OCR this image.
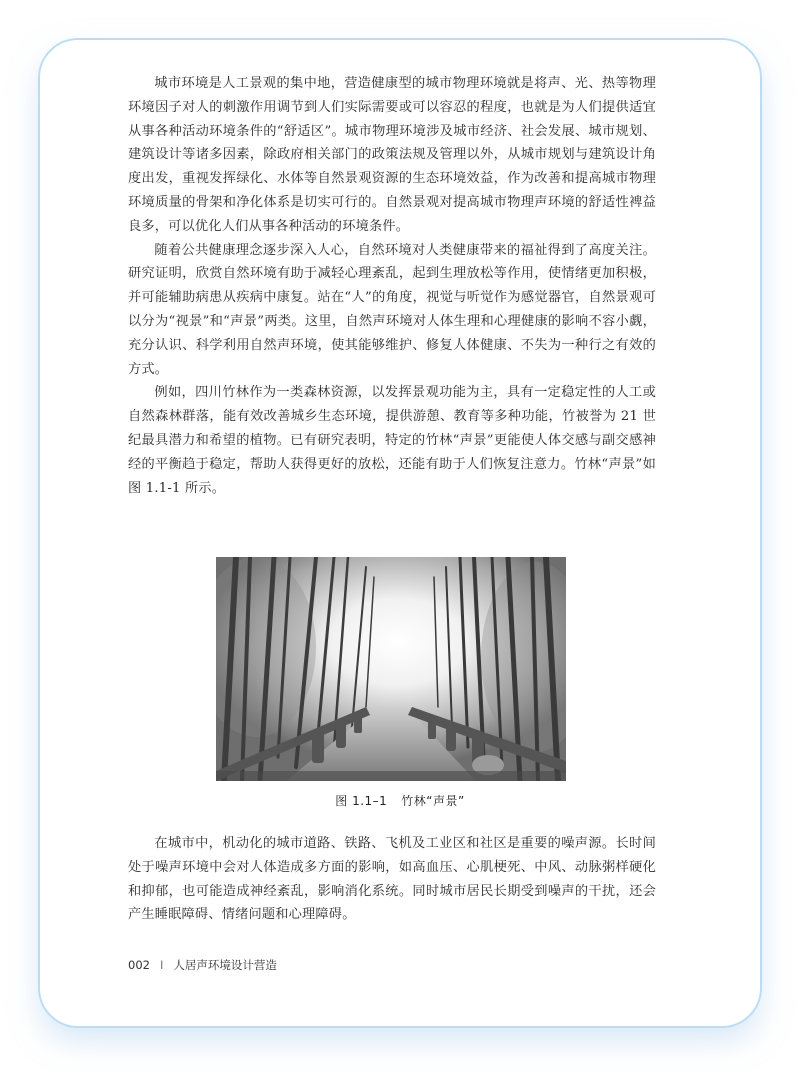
城市环境是人工景观的集中地，营造健康型的城市物理环境就是将声、光、热等物理环境因子对人的刺激作用调节到人们实际需要或可以容忍的程度，也就是为人们提供适宜从事各种活动环境条件的“舒适区”。城市物理环境涉及城市经济、社会发展、城市规划、建筑设计等诸多因素，除政府相关部门的政策法规及管理以外，从城市规划与建筑设计角度出发，重视发挥绿化、水体等自然景观资源的生态环境效益，作为改善和提高城市物理环境质量的骨架和净化体系是切实可行的。自然景观对提高城市物理声环境的舒适性裨益良多，可以优化人们从事各种活动的环境条件。

随着公共健康理念逐步深入人心，自然环境对人类健康带来的福祉得到了高度关注。研究证明，欣赏自然环境有助于减轻心理紊乱，起到生理放松等作用，使情绪更加积极，并可能辅助病患从疾病中康复。站在“人”的角度，视觉与听觉作为感觉器官，自然景观可以分为“视景”和“声景”两类。这里，自然声环境对人体生理和心理健康的影响不容小觑，充分认识、科学利用自然声环境，使其能够维护、修复人体健康、不失为一种行之有效的方式。

例如，四川竹林作为一类森林资源，以发挥景观功能为主，具有一定稳定性的人工或自然森林群落，能有效改善城乡生态环境，提供游憩、教育等多种功能，竹被誉为 21 世纪最具潜力和希望的植物。已有研究表明，特定的竹林“声景”更能使人体交感与副交感神经的平衡趋于稳定，帮助人获得更好的放松，还能有助于人们恢复注意力。竹林“声景”如图 1.1-1 所示。

图 1.1–1 竹林“声景”

在城市中，机动化的城市道路、铁路、飞机及工业区和社区是重要的噪声源。长时间处于噪声环境中会对人体造成多方面的影响，如高血压、心肌梗死、中风、动脉粥样硬化和抑郁，也可能造成神经紊乱，影响消化系统。同时城市居民长期受到噪声的干扰，还会产生睡眠障碍、情绪问题和心理障碍。

002 I 人居声环境设计营造
